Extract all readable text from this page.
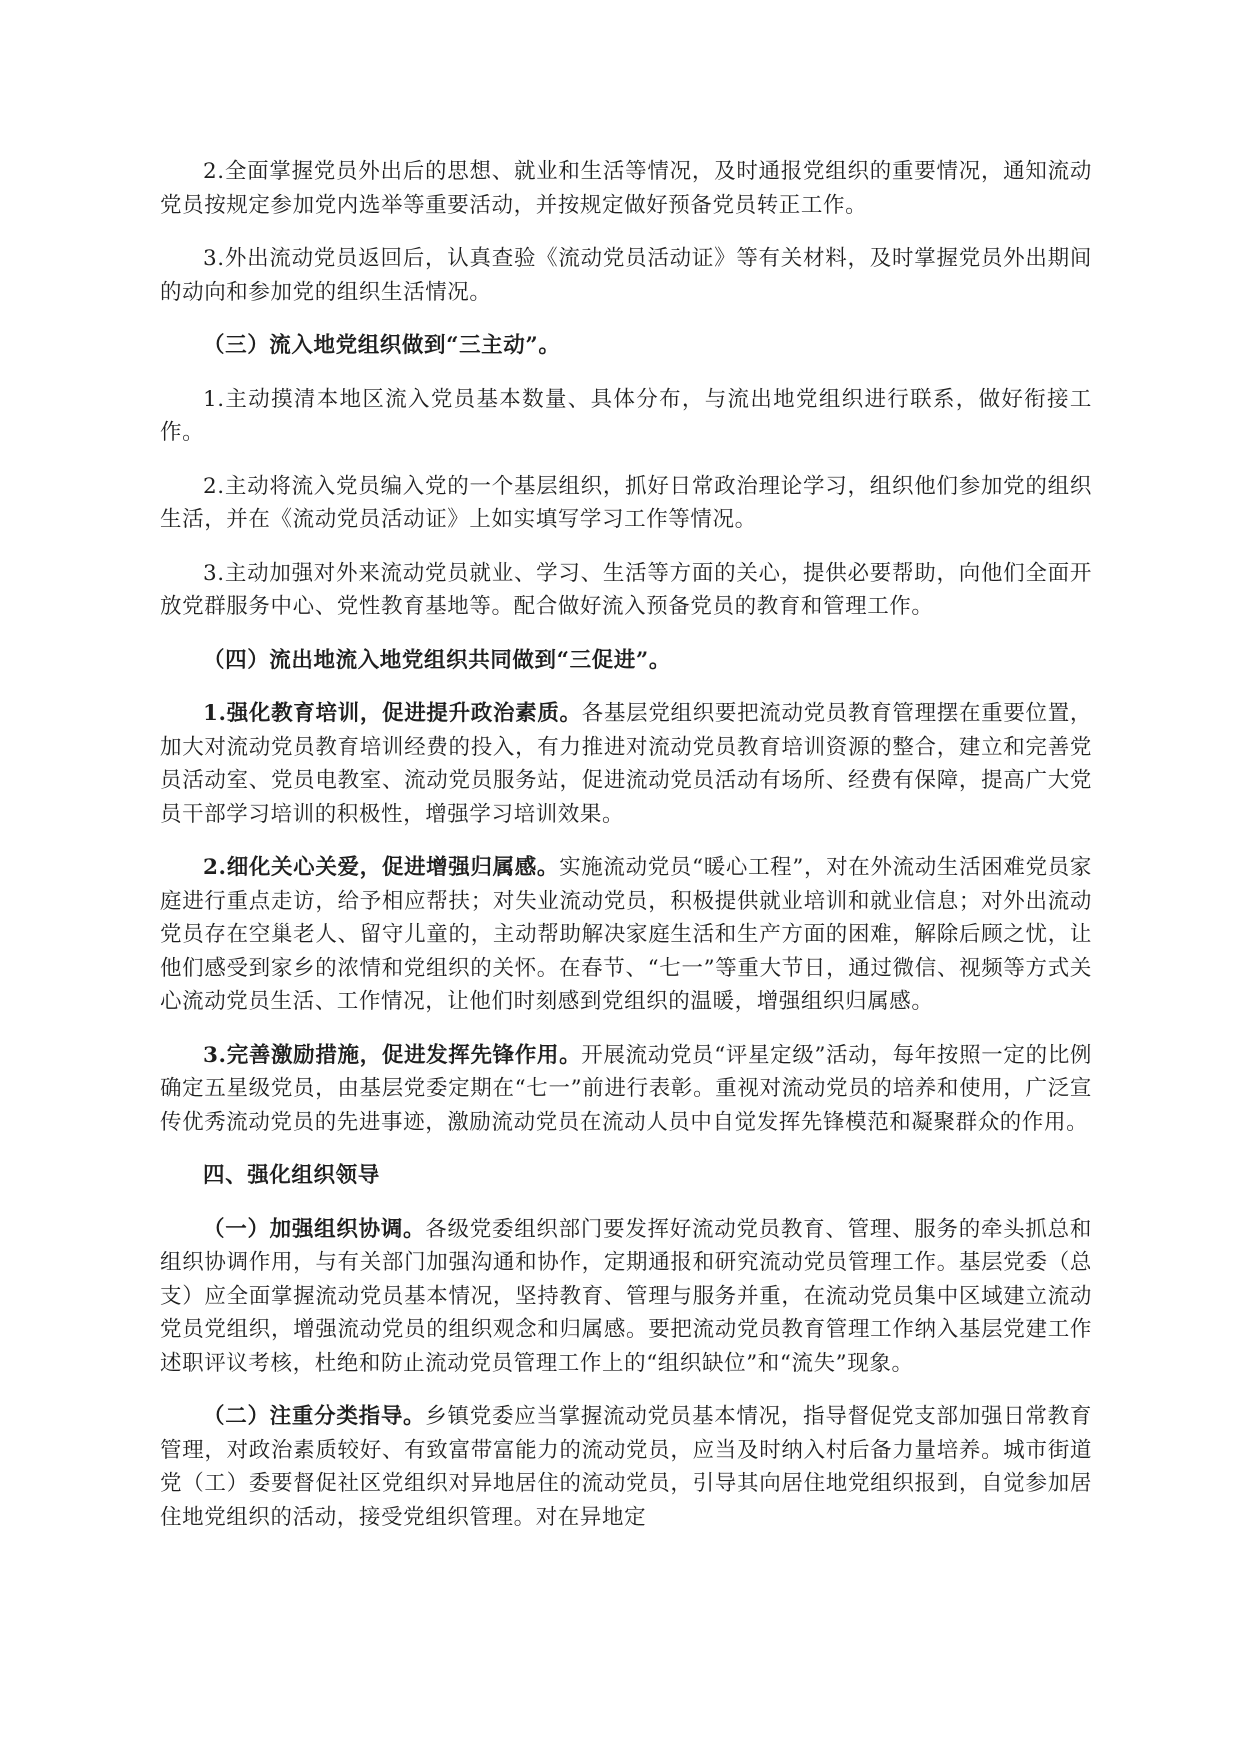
2.全面掌握党员外出后的思想、就业和生活等情况，及时通报党组织的重要情况，通知流动党员按规定参加党内选举等重要活动，并按规定做好预备党员转正工作。

3.外出流动党员返回后，认真查验《流动党员活动证》等有关材料，及时掌握党员外出期间的动向和参加党的组织生活情况。

（三）流入地党组织做到“三主动”。

1.主动摸清本地区流入党员基本数量、具体分布，与流出地党组织进行联系，做好衔接工作。

2.主动将流入党员编入党的一个基层组织，抓好日常政治理论学习，组织他们参加党的组织生活，并在《流动党员活动证》上如实填写学习工作等情况。

3.主动加强对外来流动党员就业、学习、生活等方面的关心，提供必要帮助，向他们全面开放党群服务中心、党性教育基地等。配合做好流入预备党员的教育和管理工作。

（四）流出地流入地党组织共同做到“三促进”。

1.强化教育培训，促进提升政治素质。各基层党组织要把流动党员教育管理摆在重要位置，加大对流动党员教育培训经费的投入，有力推进对流动党员教育培训资源的整合，建立和完善党员活动室、党员电教室、流动党员服务站，促进流动党员活动有场所、经费有保障，提高广大党员干部学习培训的积极性，增强学习培训效果。

2.细化关心关爱，促进增强归属感。实施流动党员“暖心工程”，对在外流动生活困难党员家庭进行重点走访，给予相应帮扶；对失业流动党员，积极提供就业培训和就业信息；对外出流动党员存在空巢老人、留守儿童的，主动帮助解决家庭生活和生产方面的困难，解除后顾之忧，让他们感受到家乡的浓情和党组织的关怀。在春节、“七一”等重大节日，通过微信、视频等方式关心流动党员生活、工作情况，让他们时刻感到党组织的温暖，增强组织归属感。

3.完善激励措施，促进发挥先锋作用。开展流动党员“评星定级”活动，每年按照一定的比例确定五星级党员，由基层党委定期在“七一”前进行表彰。重视对流动党员的培养和使用，广泛宣传优秀流动党员的先进事迹，激励流动党员在流动人员中自觉发挥先锋模范和凝聚群众的作用。

四、强化组织领导

（一）加强组织协调。各级党委组织部门要发挥好流动党员教育、管理、服务的牵头抓总和组织协调作用，与有关部门加强沟通和协作，定期通报和研究流动党员管理工作。基层党委（总支）应全面掌握流动党员基本情况，坚持教育、管理与服务并重，在流动党员集中区域建立流动党员党组织，增强流动党员的组织观念和归属感。要把流动党员教育管理工作纳入基层党建工作述职评议考核，杜绝和防止流动党员管理工作上的“组织缺位”和“流失”现象。

（二）注重分类指导。乡镇党委应当掌握流动党员基本情况，指导督促党支部加强日常教育管理，对政治素质较好、有致富带富能力的流动党员，应当及时纳入村后备力量培养。城市街道党（工）委要督促社区党组织对异地居住的流动党员，引导其向居住地党组织报到，自觉参加居住地党组织的活动，接受党组织管理。对在异地定
